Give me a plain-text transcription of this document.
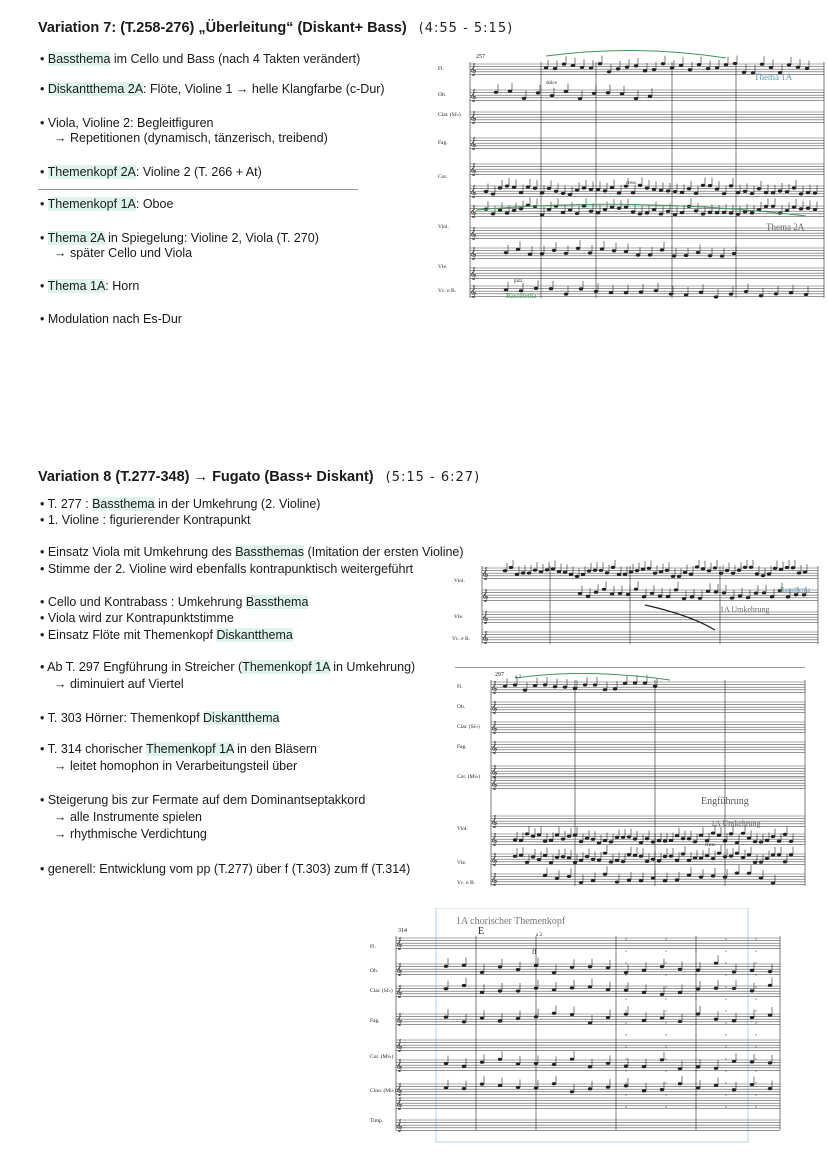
Variation 7: (T.258-276) „Überleitung“ (Diskant+ Bass) (4:55 - 5:15)
• Bassthema im Cello und Bass (nach 4 Takten verändert)
• Diskantthema 2A: Flöte, Violine 1 → helle Klangfarbe (c-Dur)
• Viola, Violine 2: Begleitfiguren
→ Repetitionen (dynamisch, tänzerisch, treibend)
• Themenkopf 2A: Violine 2 (T. 266 + At)
• Themenkopf 1A: Oboe
• Thema 2A in Spiegelung: Violine 2, Viola (T. 270)
→ später Cello und Viola
• Thema 1A: Horn
• Modulation nach Es-Dur
Variation 8 (T.277-348) → Fugato (Bass+ Diskant) (5:15 - 6:27)
• T. 277 : Bassthema in der Umkehrung (2. Violine)
• 1. Violine : figurierender Kontrapunkt
• Einsatz Viola mit Umkehrung des Bassthemas (Imitation der ersten Violine)
• Stimme der 2. Violine wird ebenfalls kontrapunktisch weitergeführt
• Cello und Kontrabass : Umkehrung Bassthema
• Viola wird zur Kontrapunktstimme
• Einsatz Flöte mit Themenkopf Diskantthema
• Ab T. 297 Engführung in Streicher (Themenkopf 1A in Umkehrung)
→ diminuiert auf Viertel
• T. 303 Hörner: Themenkopf Diskantthema
• T. 314 chorischer Themenkopf 1A in den Bläsern
→ leitet homophon in Verarbeitungsteil über
• Steigerung bis zur Fermate auf dem Dominantseptakkord
→ alle Instrumente spielen
→ rhythmische Verdichtung
• generell: Entwicklung vom pp (T.277) über f (T.303) zum ff (T.314)
Fl.
Ob.
Clar. (Si♭)
Fag.
Cor.
Viol.
Vle.
Vc. e B.
𝄞
𝄞
𝄞
𝄞
𝄞
𝄞
𝄞
𝄞
𝄞
𝄞
𝄞
257
Thema 1A
Thema 2A
Bassthema
pizz.
dolce
cresc.
Viol.
Vle.
Vc. e B.
𝄞
𝄞
𝄞
𝄞
1A Umkehrung
Bassthema
Fl.
Ob.
Clar. (Si♭)
Fag.
Cor. (Mi♭)
Viol.
Vle.
Vc. e B.
𝄞
𝄞
𝄞
𝄞
𝄞
𝄞
𝄞
𝄞
𝄞
𝄞
297
Engführung
1A Umkehrung
a 2
cresc.
Fl.
Ob.
Clar. (Si♭)
Fag.
Cor. (Mi♭)
Clno. (Mi♭)
Timp.
𝄞
𝄞
𝄞
𝄞
𝄞
𝄞
𝄞
𝄞
𝄞
314	E
1A chorischer Themenkopf
a 2
ff
